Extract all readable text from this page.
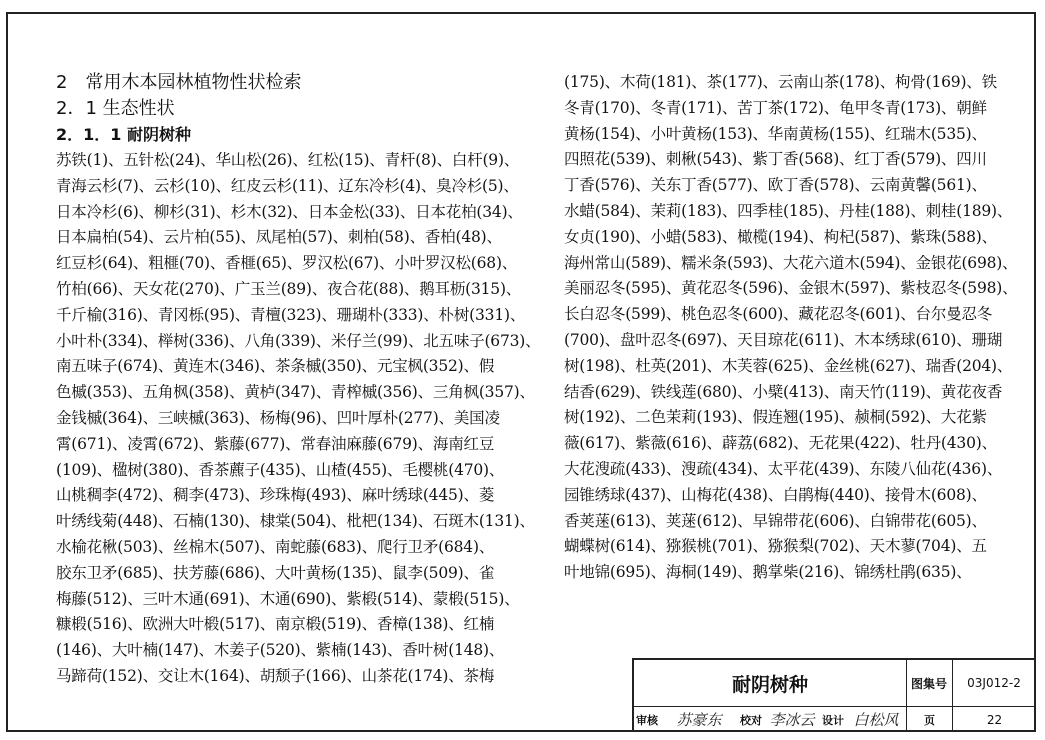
2　常用木本园林植物性状检索
2．1 生态性状
2．1．1 耐阴树种
苏铁(1)、五针松(24)、华山松(26)、红松(15)、青杆(8)、白杆(9)、
青海云杉(7)、云杉(10)、红皮云杉(11)、辽东冷杉(4)、臭冷杉(5)、
日本冷杉(6)、柳杉(31)、杉木(32)、日本金松(33)、日本花柏(34)、
日本扁柏(54)、云片柏(55)、凤尾柏(57)、刺柏(58)、香柏(48)、
红豆杉(64)、粗榧(70)、香榧(65)、罗汉松(67)、小叶罗汉松(68)、
竹柏(66)、天女花(270)、广玉兰(89)、夜合花(88)、鹅耳枥(315)、
千斤榆(316)、青冈栎(95)、青檀(323)、珊瑚朴(333)、朴树(331)、
小叶朴(334)、榉树(336)、八角(339)、米仔兰(99)、北五味子(673)、
南五味子(674)、黄连木(346)、茶条槭(350)、元宝枫(352)、假
色槭(353)、五角枫(358)、黄栌(347)、青榨槭(356)、三角枫(357)、
金钱槭(364)、三峡槭(363)、杨梅(96)、凹叶厚朴(277)、美国凌
霄(671)、凌霄(672)、紫藤(677)、常春油麻藤(679)、海南红豆
(109)、楹树(380)、香茶藨子(435)、山楂(455)、毛樱桃(470)、
山桃稠李(472)、稠李(473)、珍珠梅(493)、麻叶绣球(445)、菱
叶绣线菊(448)、石楠(130)、棣棠(504)、枇杷(134)、石斑木(131)、
水榆花楸(503)、丝棉木(507)、南蛇藤(683)、爬行卫矛(684)、
胶东卫矛(685)、扶芳藤(686)、大叶黄杨(135)、鼠李(509)、雀
梅藤(512)、三叶木通(691)、木通(690)、紫椴(514)、蒙椴(515)、
糠椴(516)、欧洲大叶椴(517)、南京椴(519)、香樟(138)、红楠
(146)、大叶楠(147)、木姜子(520)、紫楠(143)、香叶树(148)、
马蹄荷(152)、交让木(164)、胡颓子(166)、山茶花(174)、茶梅
(175)、木荷(181)、茶(177)、云南山茶(178)、枸骨(169)、铁
冬青(170)、冬青(171)、苦丁茶(172)、龟甲冬青(173)、朝鲜
黄杨(154)、小叶黄杨(153)、华南黄杨(155)、红瑞木(535)、
四照花(539)、刺楸(543)、紫丁香(568)、红丁香(579)、四川
丁香(576)、关东丁香(577)、欧丁香(578)、云南黄馨(561)、
水蜡(584)、茉莉(183)、四季桂(185)、丹桂(188)、刺桂(189)、
女贞(190)、小蜡(583)、橄榄(194)、枸杞(587)、紫珠(588)、
海州常山(589)、糯米条(593)、大花六道木(594)、金银花(698)、
美丽忍冬(595)、黄花忍冬(596)、金银木(597)、紫枝忍冬(598)、
长白忍冬(599)、桃色忍冬(600)、藏花忍冬(601)、台尔曼忍冬
(700)、盘叶忍冬(697)、天目琼花(611)、木本绣球(610)、珊瑚
树(198)、杜英(201)、木芙蓉(625)、金丝桃(627)、瑞香(204)、
结香(629)、铁线莲(680)、小檗(413)、南天竹(119)、黄花夜香
树(192)、二色茉莉(193)、假连翘(195)、赪桐(592)、大花紫
薇(617)、紫薇(616)、薜荔(682)、无花果(422)、牡丹(430)、
大花溲疏(433)、溲疏(434)、太平花(439)、东陵八仙花(436)、
园锥绣球(437)、山梅花(438)、白鹃梅(440)、接骨木(608)、
香荚蒾(613)、荚蒾(612)、早锦带花(606)、白锦带花(605)、
蝴蝶树(614)、猕猴桃(701)、猕猴梨(702)、天木蓼(704)、五
叶地锦(695)、海桐(149)、鹅掌柴(216)、锦绣杜鹃(635)、
耐阴树种	图集号	03J012-2
审核	苏豪东	校对 李冰云 设计 白松风	页	22
